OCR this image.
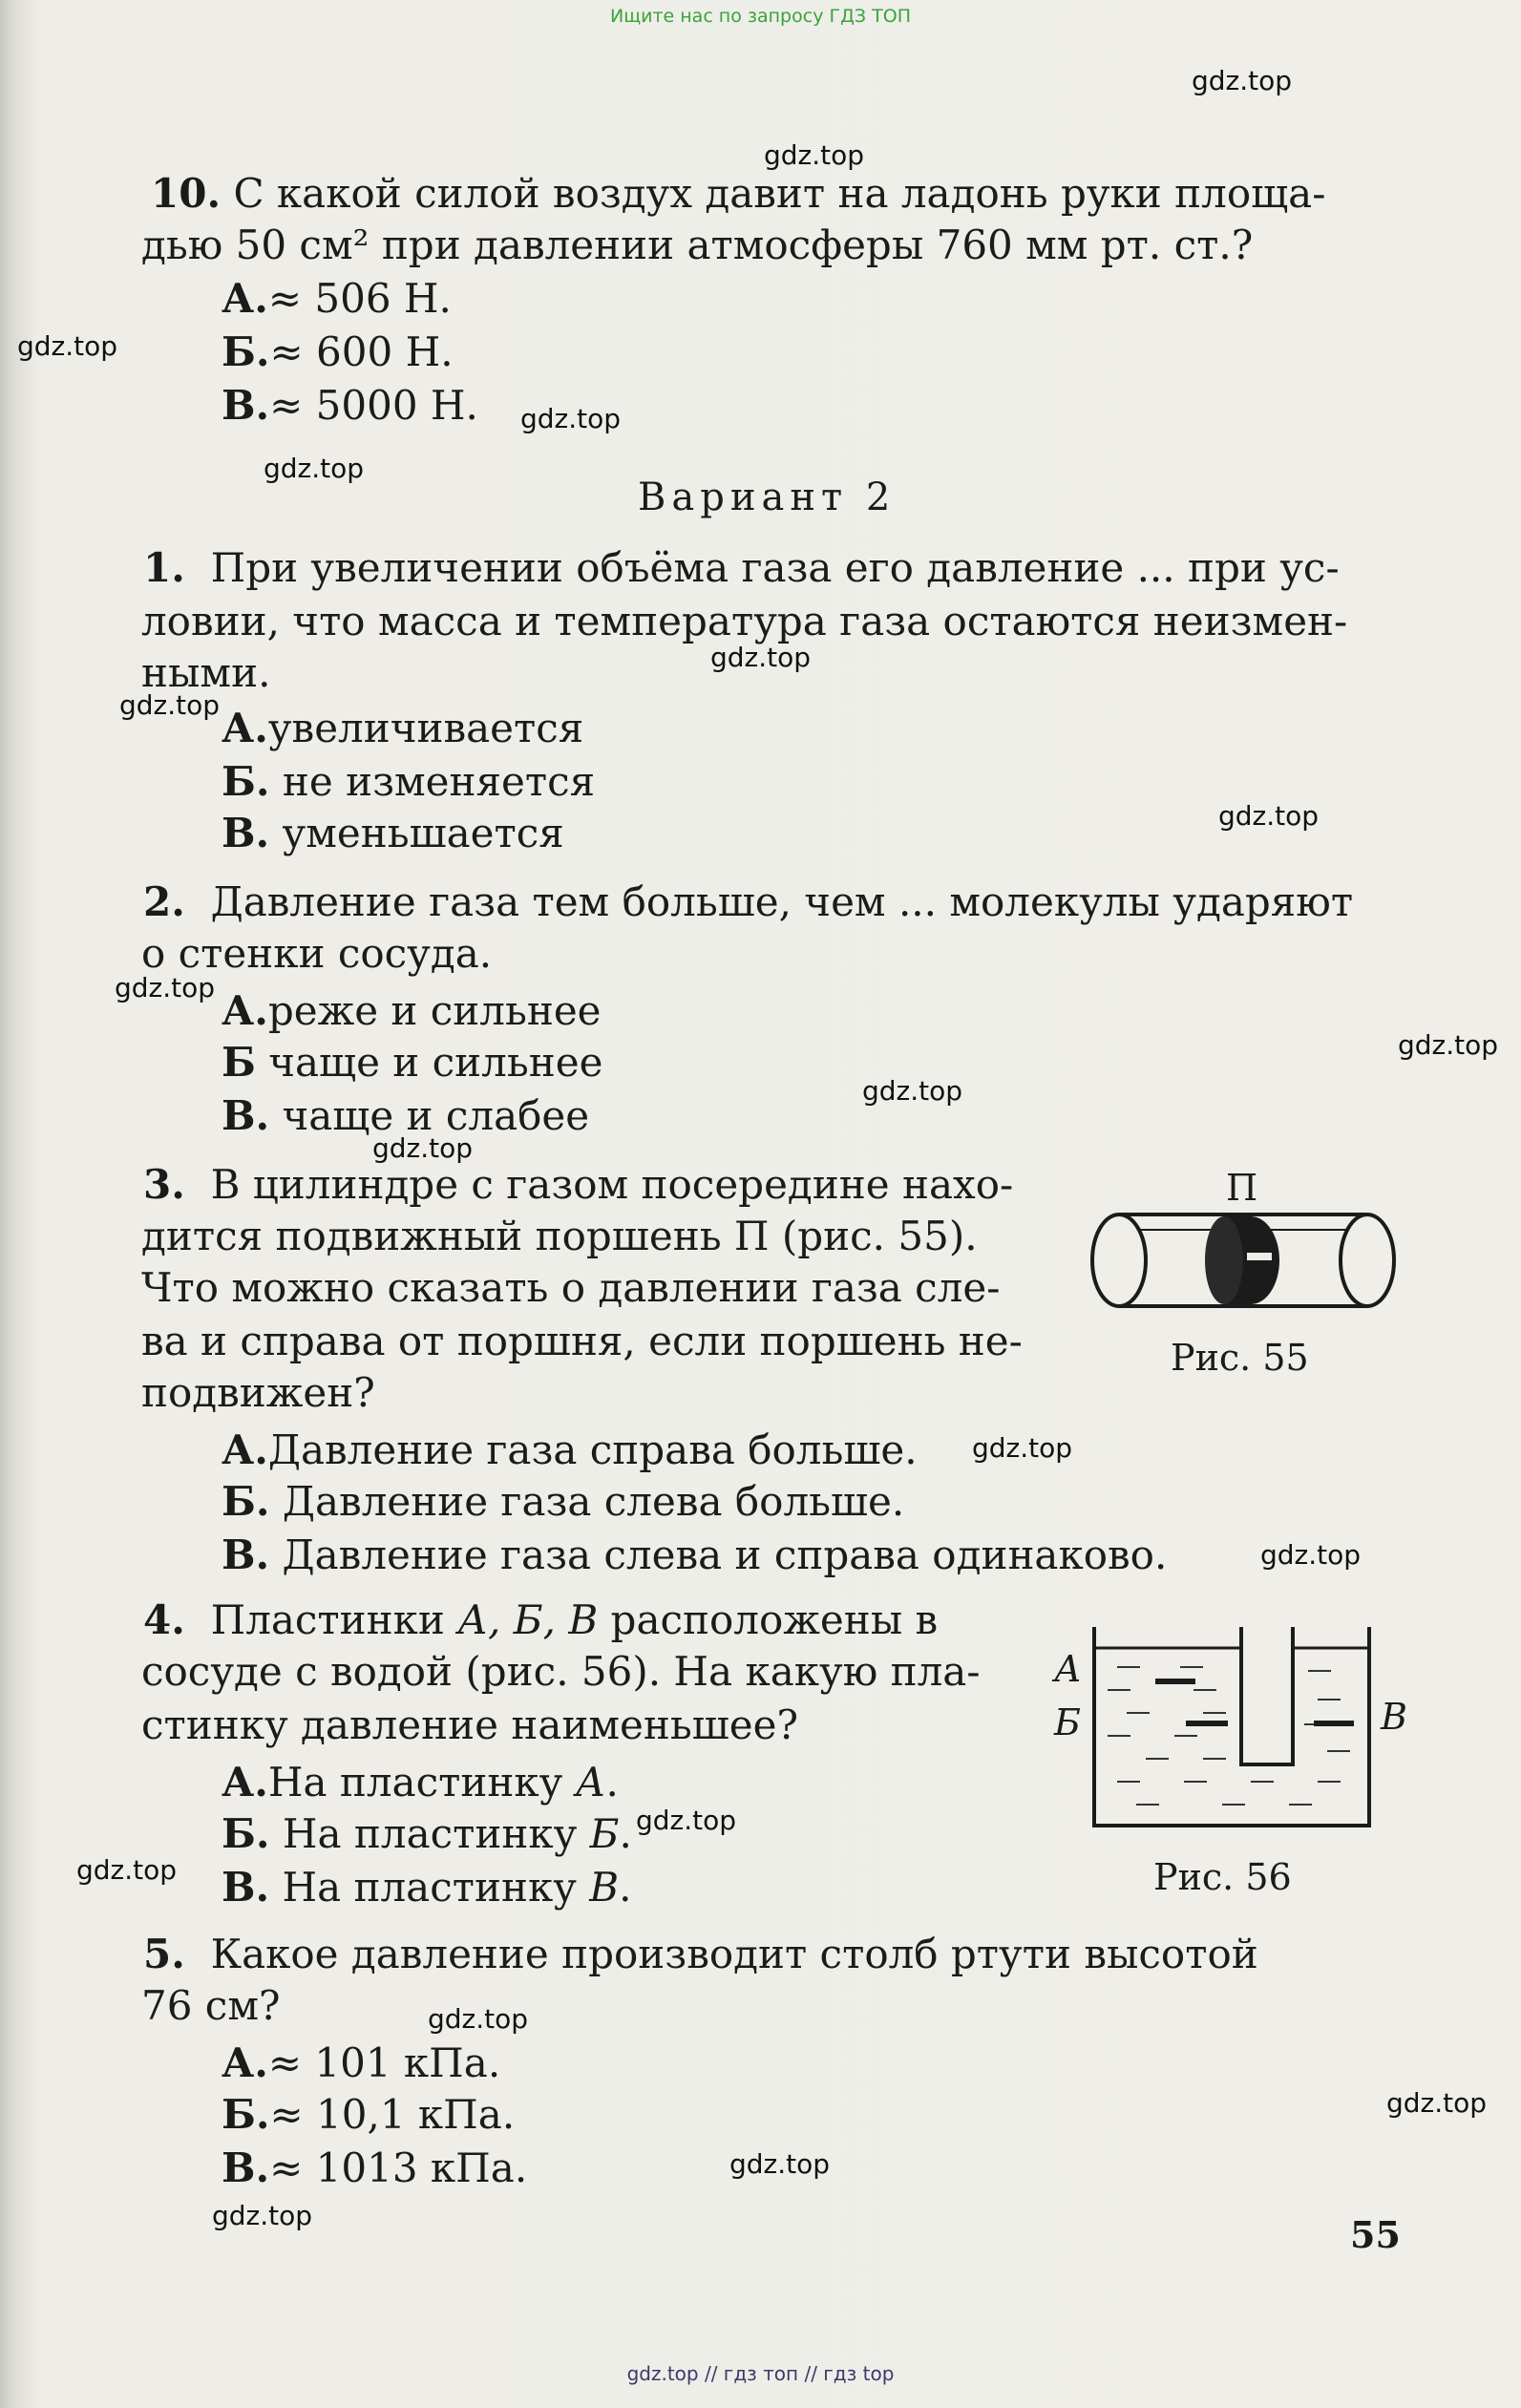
Ищите нас по запросу ГДЗ ТОП
gdz.top
gdz.top
gdz.top
gdz.top
gdz.top
gdz.top
gdz.top
gdz.top
gdz.top
gdz.top
gdz.top
gdz.top
gdz.top
gdz.top
gdz.top
gdz.top
gdz.top
gdz.top
gdz.top
gdz.top
10. С какой силой воздух давит на ладонь руки площа-
дью 50 см² при давлении атмосферы 760 мм рт. ст.?
А.≈ 506 Н.
Б.≈ 600 Н.
В.≈ 5000 Н.
Вариант 2
1. При увеличении объёма газа его давление ... при ус-
ловии, что масса и температура газа остаются неизмен-
ными.
А.увеличивается
Б. не изменяется
В. уменьшается
2. Давление газа тем больше, чем ... молекулы ударяют
о стенки сосуда.
А.реже и сильнее
Б чаще и сильнее
В. чаще и слабее
3. В цилиндре с газом посередине нахо-
дится подвижный поршень П (рис. 55).
Что можно сказать о давлении газа сле-
ва и справа от поршня, если поршень не-
подвижен?
А.Давление газа справа больше.
Б. Давление газа слева больше.
В. Давление газа слева и справа одинаково.
П
Рис. 55
4. Пластинки А, Б, В расположены в
сосуде с водой (рис. 56). На какую пла-
стинку давление наименьшее?
А.На пластинку А.
Б. На пластинку Б.
В. На пластинку В.
А
Б	В
Рис. 56
5. Какое давление производит столб ртути высотой
76 см?
А.≈ 101 кПа.
Б.≈ 10,1 кПа.
В.≈ 1013 кПа.
55
gdz.top // гдз топ // гдз top
